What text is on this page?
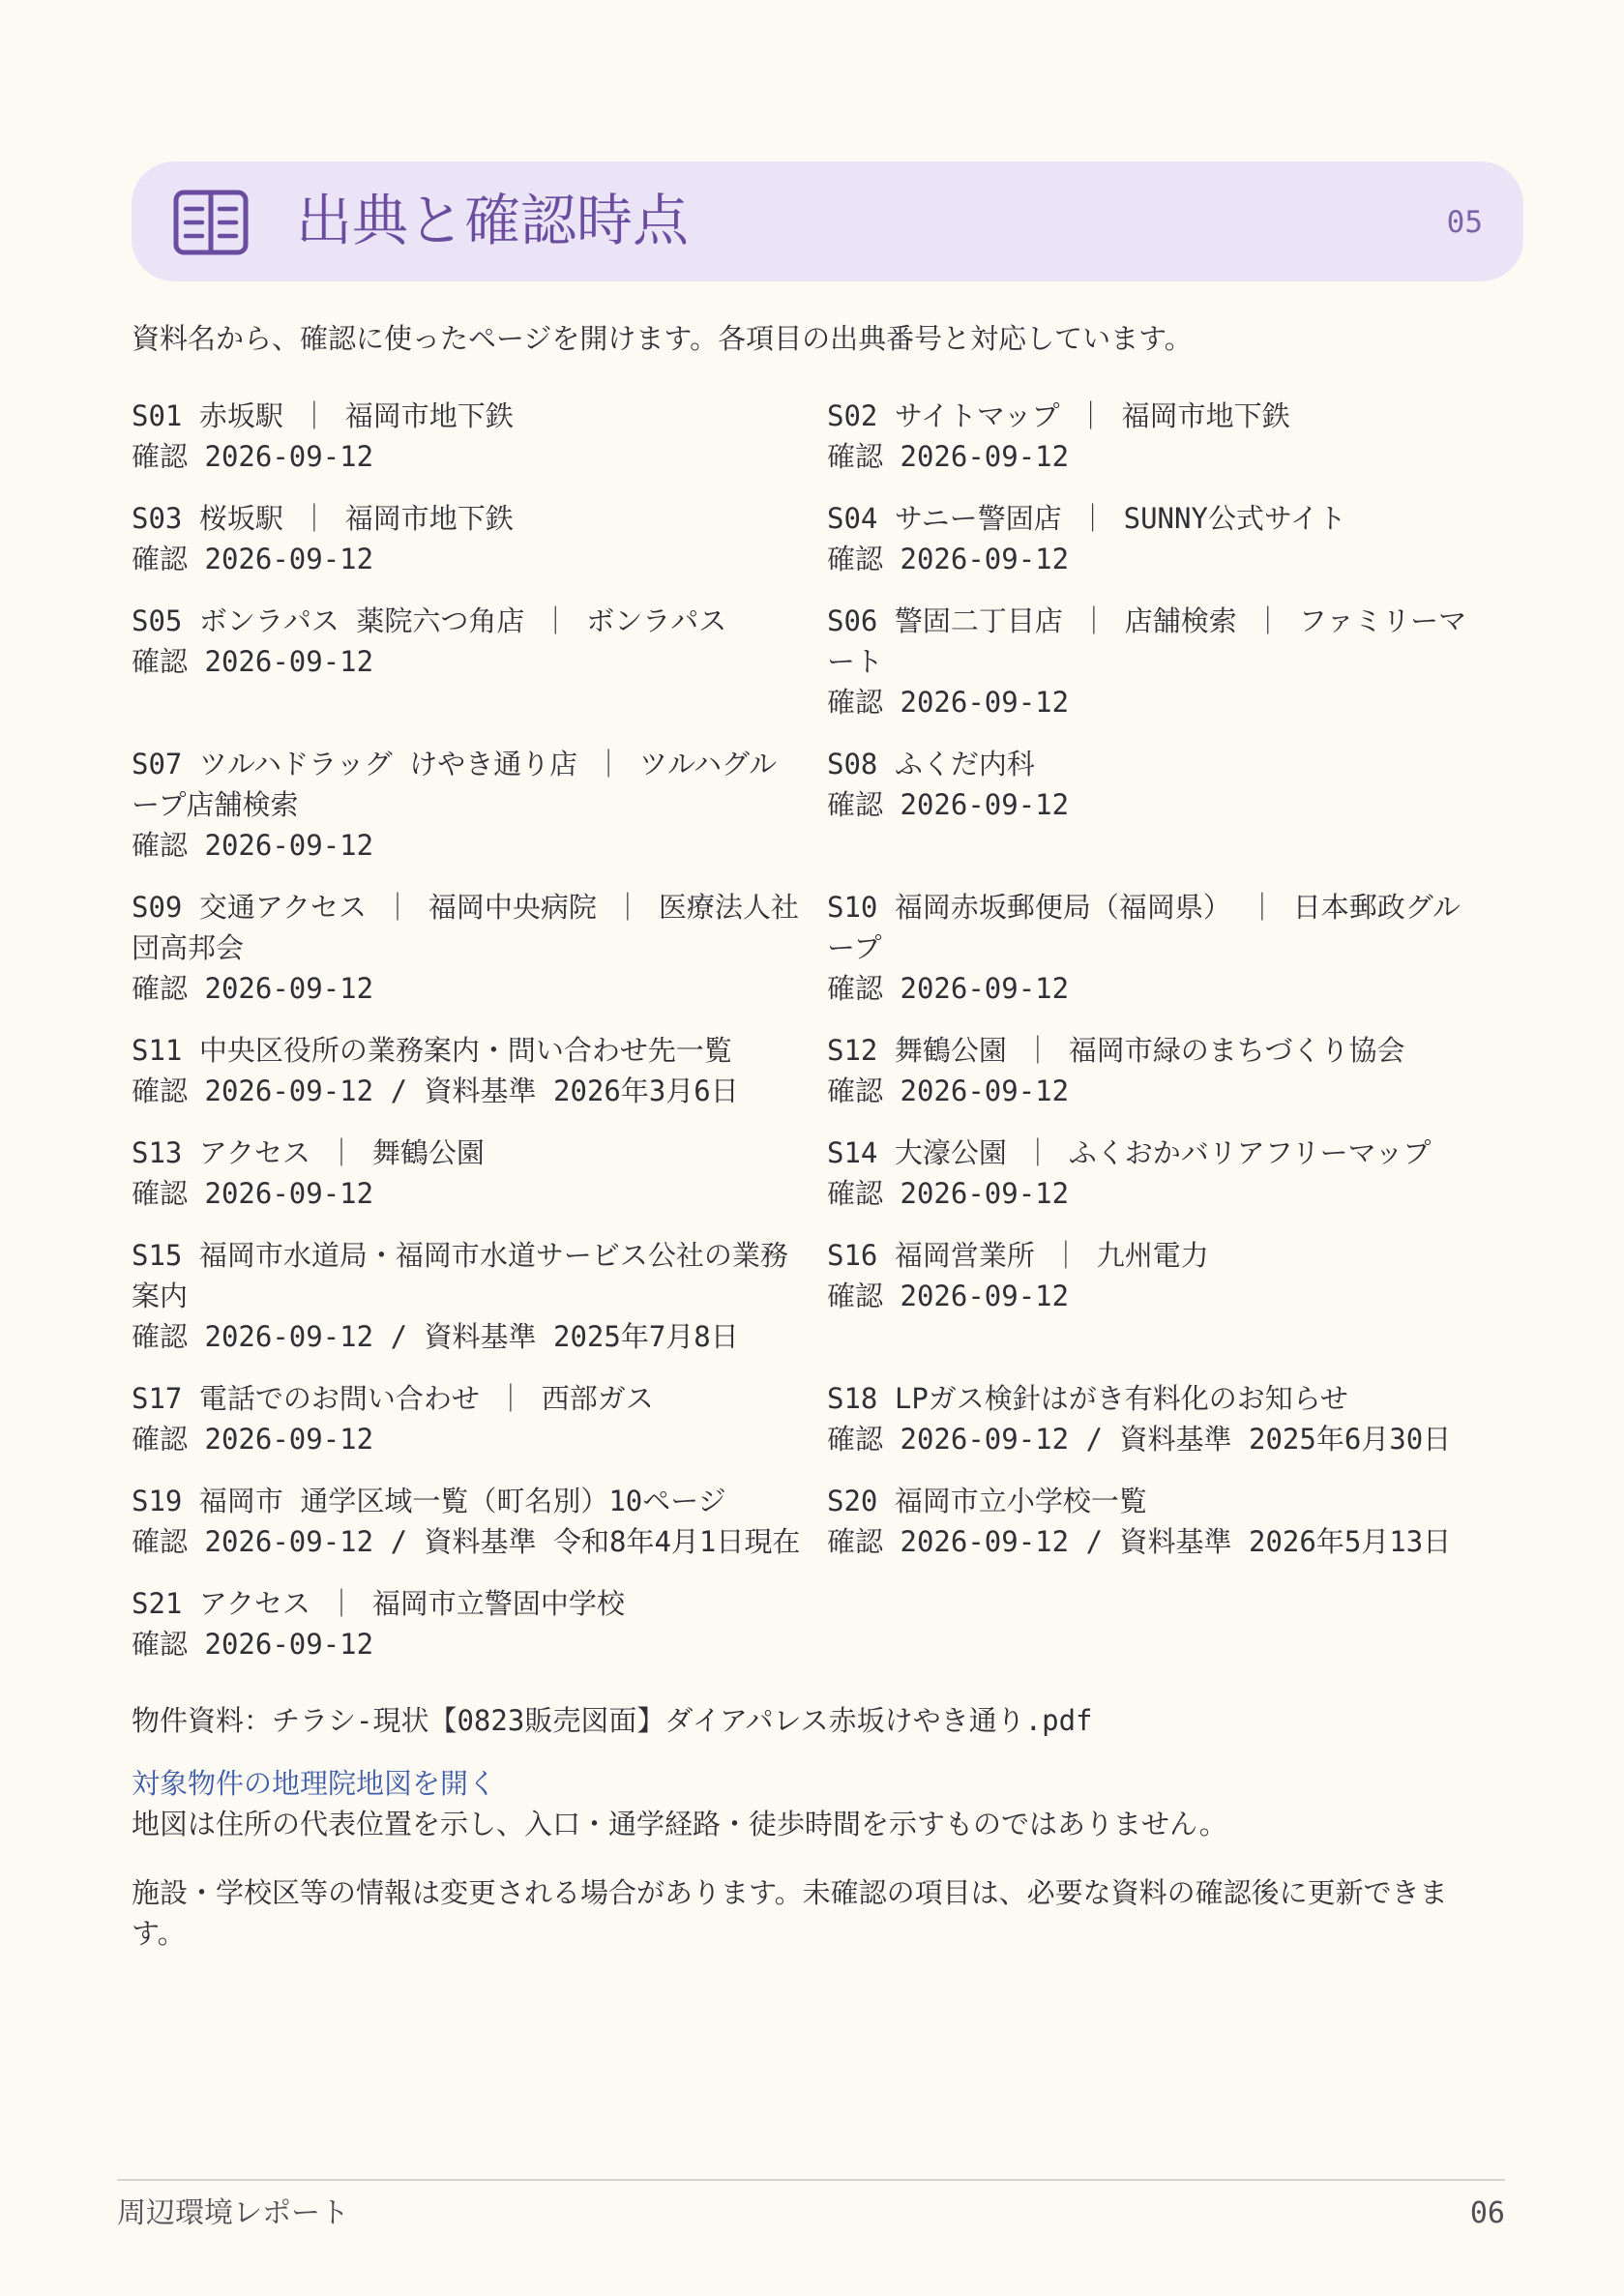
出典と確認時点	05
資料名から、確認に使ったページを開けます。各項目の出典番号と対応しています。
S01 赤坂駅 ｜ 福岡市地下鉄
確認 2026-09-12
S02 サイトマップ ｜ 福岡市地下鉄
確認 2026-09-12
S03 桜坂駅 ｜ 福岡市地下鉄
確認 2026-09-12
S04 サニー警固店 ｜ SUNNY公式サイト
確認 2026-09-12
S05 ボンラパス 薬院六つ角店 ｜ ボンラパス
確認 2026-09-12
S06 警固二丁目店 ｜ 店舗検索 ｜ ファミリーマート
確認 2026-09-12
S07 ツルハドラッグ けやき通り店 ｜ ツルハグループ店舗検索
確認 2026-09-12
S08 ふくだ内科
確認 2026-09-12
S09 交通アクセス ｜ 福岡中央病院 ｜ 医療法人社団高邦会
確認 2026-09-12
S10 福岡赤坂郵便局（福岡県） ｜ 日本郵政グループ
確認 2026-09-12
S11 中央区役所の業務案内・問い合わせ先一覧
確認 2026-09-12 / 資料基準 2026年3月6日
S12 舞鶴公園 ｜ 福岡市緑のまちづくり協会
確認 2026-09-12
S13 アクセス ｜ 舞鶴公園
確認 2026-09-12
S14 大濠公園 ｜ ふくおかバリアフリーマップ
確認 2026-09-12
S15 福岡市水道局・福岡市水道サービス公社の業務案内
確認 2026-09-12 / 資料基準 2025年7月8日
S16 福岡営業所 ｜ 九州電力
確認 2026-09-12
S17 電話でのお問い合わせ ｜ 西部ガス
確認 2026-09-12
S18 LPガス検針はがき有料化のお知らせ
確認 2026-09-12 / 資料基準 2025年6月30日
S19 福岡市 通学区域一覧（町名別）10ページ
確認 2026-09-12 / 資料基準 令和8年4月1日現在
S20 福岡市立小学校一覧
確認 2026-09-12 / 資料基準 2026年5月13日
S21 アクセス ｜ 福岡市立警固中学校
確認 2026-09-12
物件資料：チラシ-現状【0823販売図面】ダイアパレス赤坂けやき通り.pdf
対象物件の地理院地図を開く
地図は住所の代表位置を示し、入口・通学経路・徒歩時間を示すものではありません。
施設・学校区等の情報は変更される場合があります。未確認の項目は、必要な資料の確認後に更新できます。
周辺環境レポート	06
